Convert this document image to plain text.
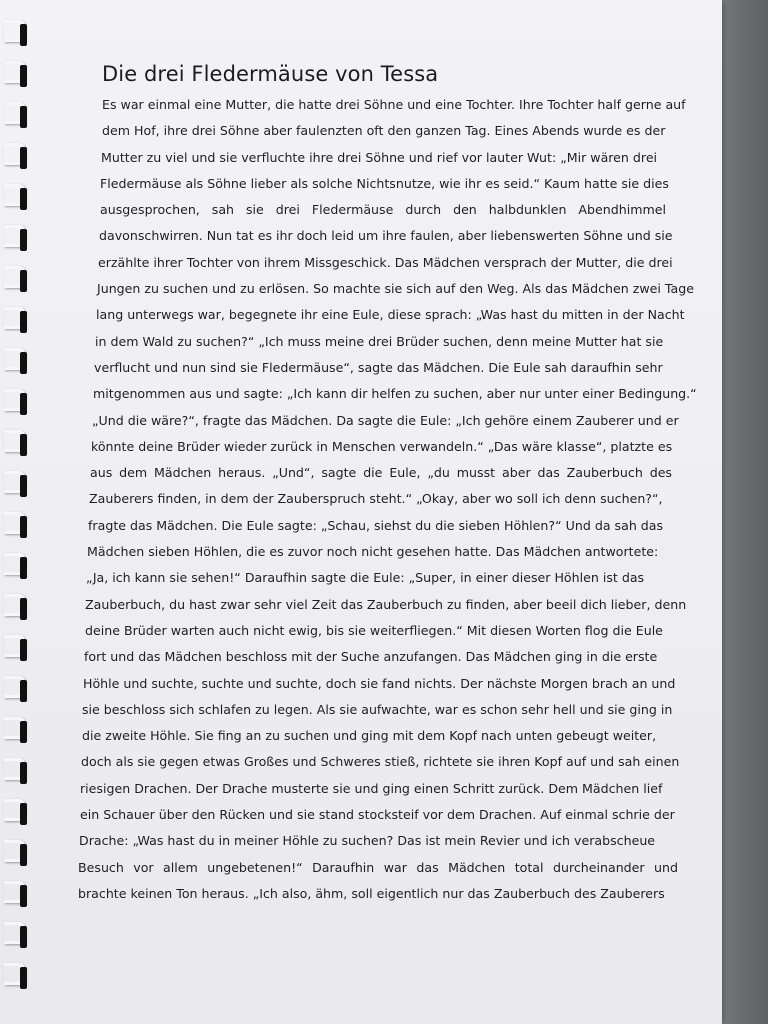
Die drei Fledermäuse von Tessa
Es war einmal eine Mutter, die hatte drei Söhne und eine Tochter. Ihre Tochter half gerne auf
dem Hof, ihre drei Söhne aber faulenzten oft den ganzen Tag. Eines Abends wurde es der
Mutter zu viel und sie verfluchte ihre drei Söhne und rief vor lauter Wut: „Mir wären drei
Fledermäuse als Söhne lieber als solche Nichtsnutze, wie ihr es seid.“ Kaum hatte sie dies
ausgesprochen, sah sie drei Fledermäuse durch den halbdunklen Abendhimmel
davonschwirren. Nun tat es ihr doch leid um ihre faulen, aber liebenswerten Söhne und sie
erzählte ihrer Tochter von ihrem Missgeschick. Das Mädchen versprach der Mutter, die drei
Jungen zu suchen und zu erlösen. So machte sie sich auf den Weg. Als das Mädchen zwei Tage
lang unterwegs war, begegnete ihr eine Eule, diese sprach: „Was hast du mitten in der Nacht
in dem Wald zu suchen?“ „Ich muss meine drei Brüder suchen, denn meine Mutter hat sie
verflucht und nun sind sie Fledermäuse“, sagte das Mädchen. Die Eule sah daraufhin sehr
mitgenommen aus und sagte: „Ich kann dir helfen zu suchen, aber nur unter einer Bedingung.“
„Und die wäre?“, fragte das Mädchen. Da sagte die Eule: „Ich gehöre einem Zauberer und er
könnte deine Brüder wieder zurück in Menschen verwandeln.“ „Das wäre klasse“, platzte es
aus dem Mädchen heraus. „Und“, sagte die Eule, „du musst aber das Zauberbuch des
Zauberers finden, in dem der Zauberspruch steht.“ „Okay, aber wo soll ich denn suchen?“,
fragte das Mädchen. Die Eule sagte: „Schau, siehst du die sieben Höhlen?“ Und da sah das
Mädchen sieben Höhlen, die es zuvor noch nicht gesehen hatte. Das Mädchen antwortete:
„Ja, ich kann sie sehen!“ Daraufhin sagte die Eule: „Super, in einer dieser Höhlen ist das
Zauberbuch, du hast zwar sehr viel Zeit das Zauberbuch zu finden, aber beeil dich lieber, denn
deine Brüder warten auch nicht ewig, bis sie weiterfliegen.“ Mit diesen Worten flog die Eule
fort und das Mädchen beschloss mit der Suche anzufangen. Das Mädchen ging in die erste
Höhle und suchte, suchte und suchte, doch sie fand nichts. Der nächste Morgen brach an und
sie beschloss sich schlafen zu legen. Als sie aufwachte, war es schon sehr hell und sie ging in
die zweite Höhle. Sie fing an zu suchen und ging mit dem Kopf nach unten gebeugt weiter,
doch als sie gegen etwas Großes und Schweres stieß, richtete sie ihren Kopf auf und sah einen
riesigen Drachen. Der Drache musterte sie und ging einen Schritt zurück. Dem Mädchen lief
ein Schauer über den Rücken und sie stand stocksteif vor dem Drachen. Auf einmal schrie der
Drache: „Was hast du in meiner Höhle zu suchen? Das ist mein Revier und ich verabscheue
Besuch vor allem ungebetenen!“ Daraufhin war das Mädchen total durcheinander und
brachte keinen Ton heraus. „Ich also, ähm, soll eigentlich nur das Zauberbuch des Zauberers
